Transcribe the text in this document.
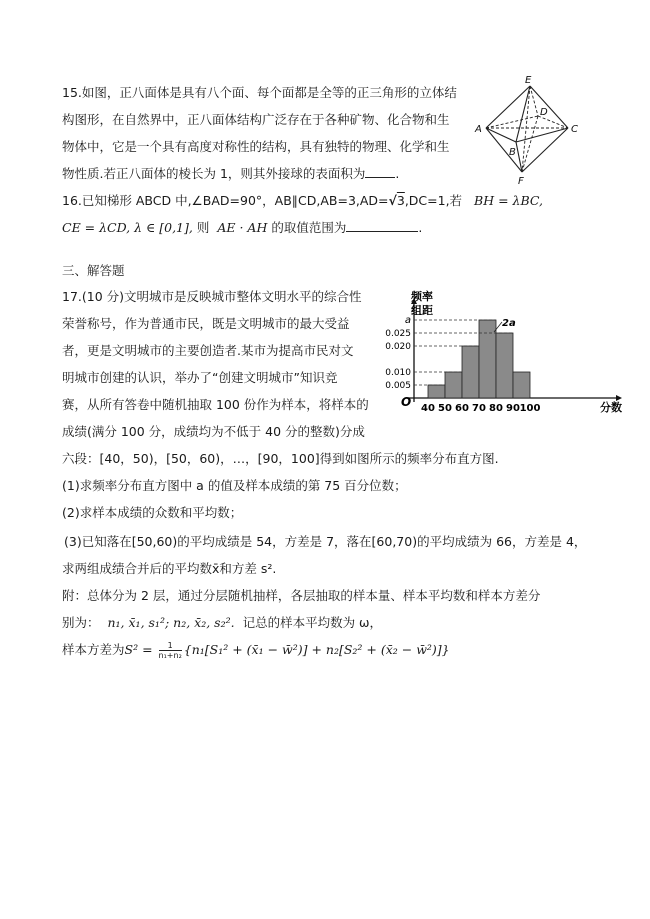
15.如图，正八面体是具有八个面、每个面都是全等的正三角形的立体结
构图形，在自然界中，正八面体结构广泛存在于各种矿物、化合物和生
物体中，它是一个具有高度对称性的结构，具有独特的物理、化学和生
物性质.若正八面体的棱长为 1，则其外接球的表面积为 .
E
D
A	C
B
F
16.已知梯形 ABCD 中,∠BAD=90°，AB∥CD,AB=3,AD=√3,DC=1,若 BH = λBC,
CE = λCD, λ ∈ [0,1], 则 AE · AH 的取值范围为	.
三、解答题
17.(10 分)文明城市是反映城市整体文明水平的综合性
荣誉称号，作为普通市民，既是文明城市的最大受益
者，更是文明城市的主要创造者.某市为提高市民对文
明城市创建的认识，举办了“创建文明城市”知识竞
赛，从所有答卷中随机抽取 100 份作为样本，将样本的
成绩(满分 100 分，成绩均为不低于 40 分的整数)分成
六段：[40，50)，[50，60)，…，[90，100]得到如图所示的频率分布直方图.
(1)求频率分布直方图中 a 的值及样本成绩的第 75 百分位数；
(2)求样本成绩的众数和平均数；
(3)已知落在[50,60)的平均成绩是 54，方差是 7，落在[60,70)的平均成绩为 66，方差是 4，
求两组成绩合并后的平均数x̄和方差 s².
附：总体分为 2 层，通过分层随机抽样，各层抽取的样本量、样本平均数和样本方差分
别为： n₁, x̄₁, s₁²; n₂, x̄₂, s₂². 记总的样本平均数为 ω，
样本方差为$S^2 = \frac{1}{\text{n₁+n₂}} \{n_1[S_1^2$ + (x̄₁ − w̄²)] + n₂[S₂² + (x̄₂ − w̄²)]}
a
0.025
0.020
0.010
0.005
40 50 60 70 80 90 100
2a
频率
组距
O	分数
